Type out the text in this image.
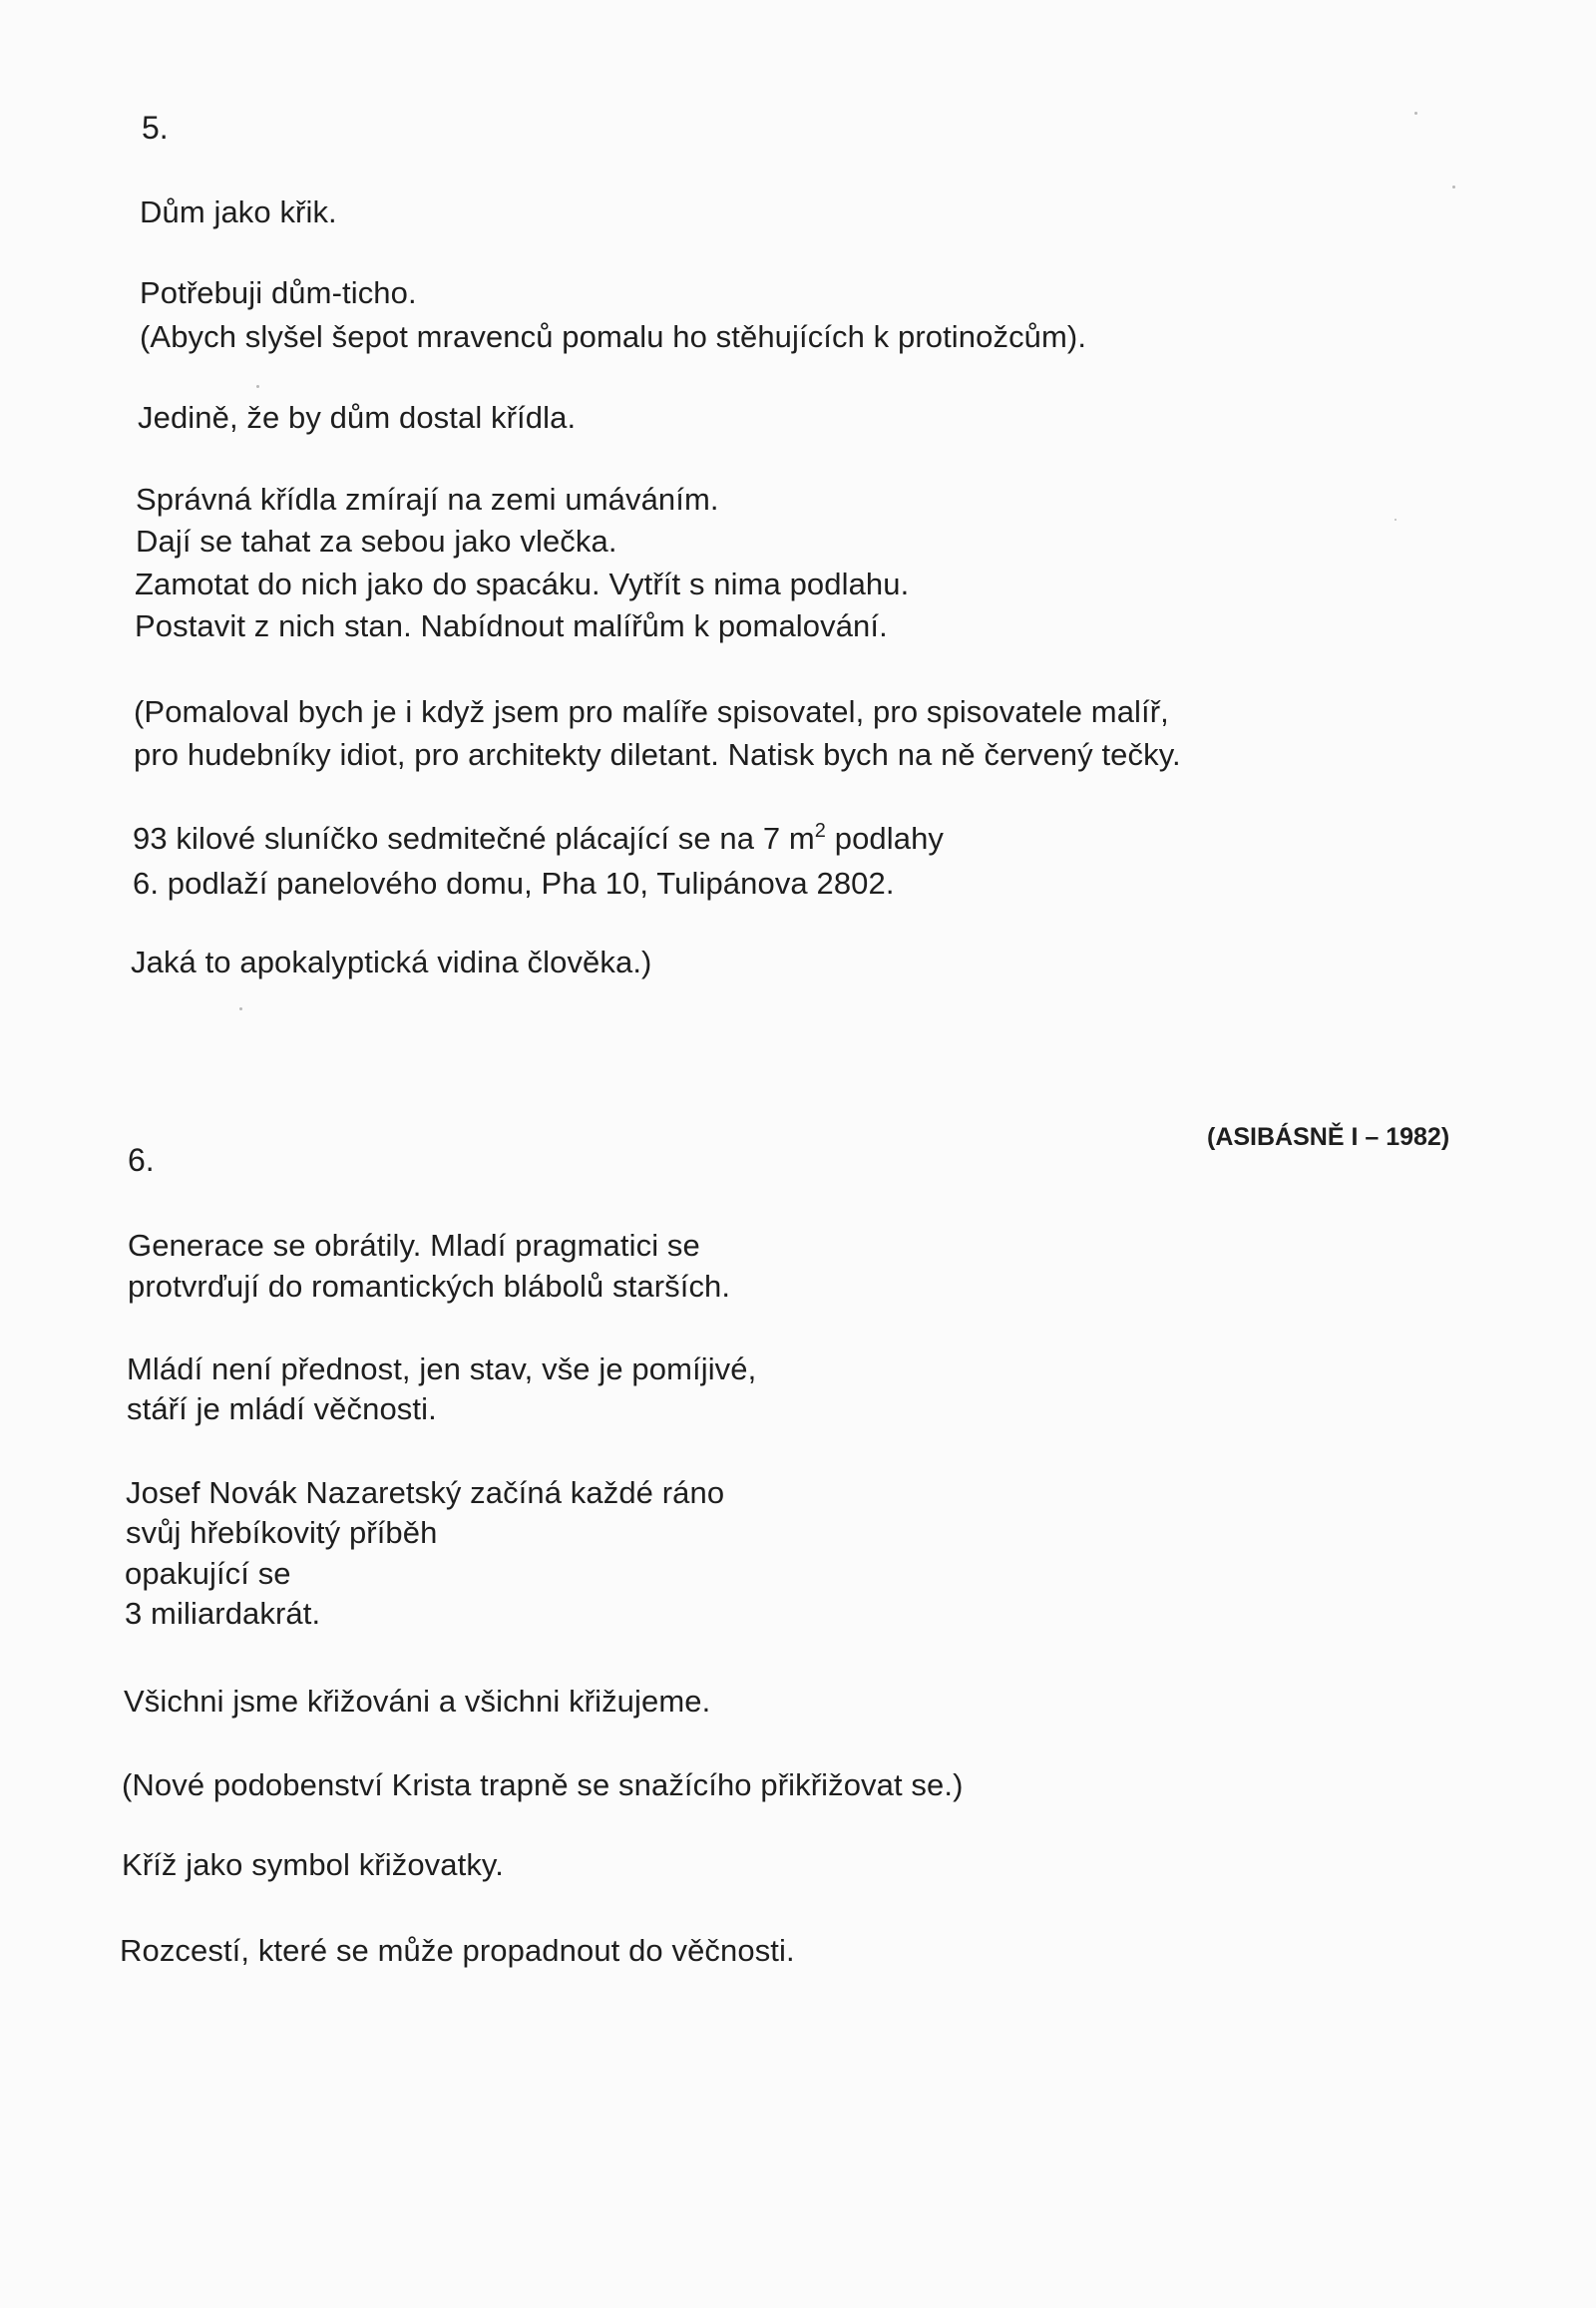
5.

Dům jako křik.

Potřebuji dům-ticho.

(Abych slyšel šepot mravenců pomalu ho stěhujících k protinožcům).

Jedině, že by dům dostal křídla.

Správná křídla zmírají na zemi umáváním.

Dají se tahat za sebou jako vlečka.

Zamotat do nich jako do spacáku. Vytřít s nima podlahu.

Postavit z nich stan. Nabídnout malířům k pomalování.

(Pomaloval bych je i když jsem pro malíře spisovatel, pro spisovatele malíř,

pro hudebníky idiot, pro architekty diletant. Natisk bych na ně červený tečky.

93 kilové sluníčko sedmitečné plácající se na 7 $m^2$ podlahy

6. podlaží panelového domu, Pha 10, Tulipánova 2802.

Jaká to apokalyptická vidina člověka.)

(ASIBÁSNĚ I – 1982)

6.

Generace se obrátily. Mladí pragmatici se

protvrďují do romantických blábolů starších.

Mládí není přednost, jen stav, vše je pomíjivé,

stáří je mládí věčnosti.

Josef Novák Nazaretský začíná každé ráno

svůj hřebíkovitý příběh

opakující se

3 miliardakrát.

Všichni jsme křižováni a všichni křižujeme.

(Nové podobenství Krista trapně se snažícího přikřižovat se.)

Kříž jako symbol křižovatky.

Rozcestí, které se může propadnout do věčnosti.
